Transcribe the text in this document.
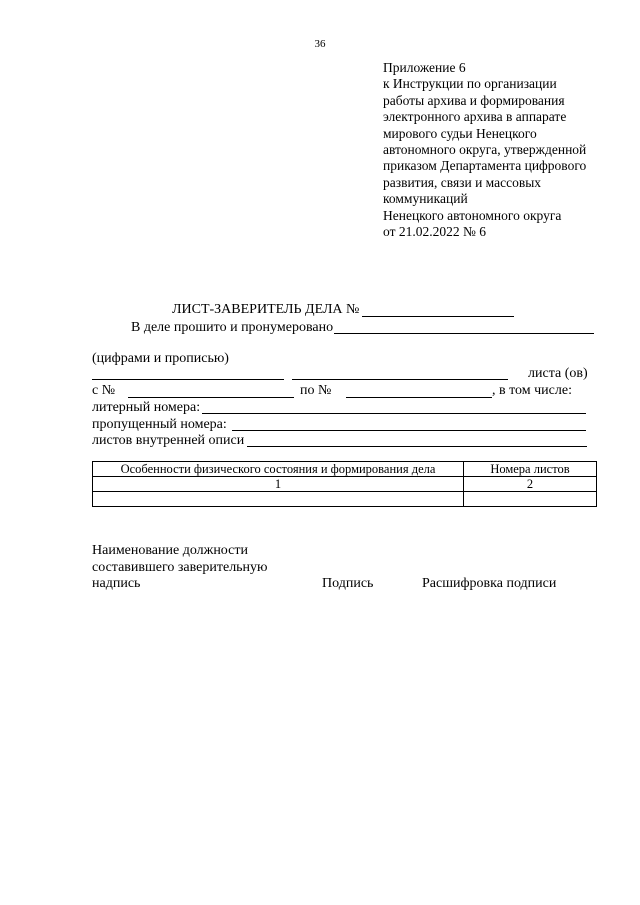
36
Приложение 6
к Инструкции по организации
работы архива и формирования
электронного архива в аппарате
мирового судьи Ненецкого
автономного округа, утвержденной
приказом Департамента цифрового
развития, связи и массовых
коммуникаций
Ненецкого автономного округа
от 21.02.2022 № 6
ЛИСТ-ЗАВЕРИТЕЛЬ ДЕЛА №
В деле прошито и пронумеровано
(цифрами и прописью)
листа (ов)
с №	по №	, в том числе:
литерный номера:
пропущенный номера:
листов внутренней описи
Особенности физического состояния и формирования дела	Номера листов
1	2

Наименование должности
составившего заверительную
надпись	Подпись	Расшифровка подписи
